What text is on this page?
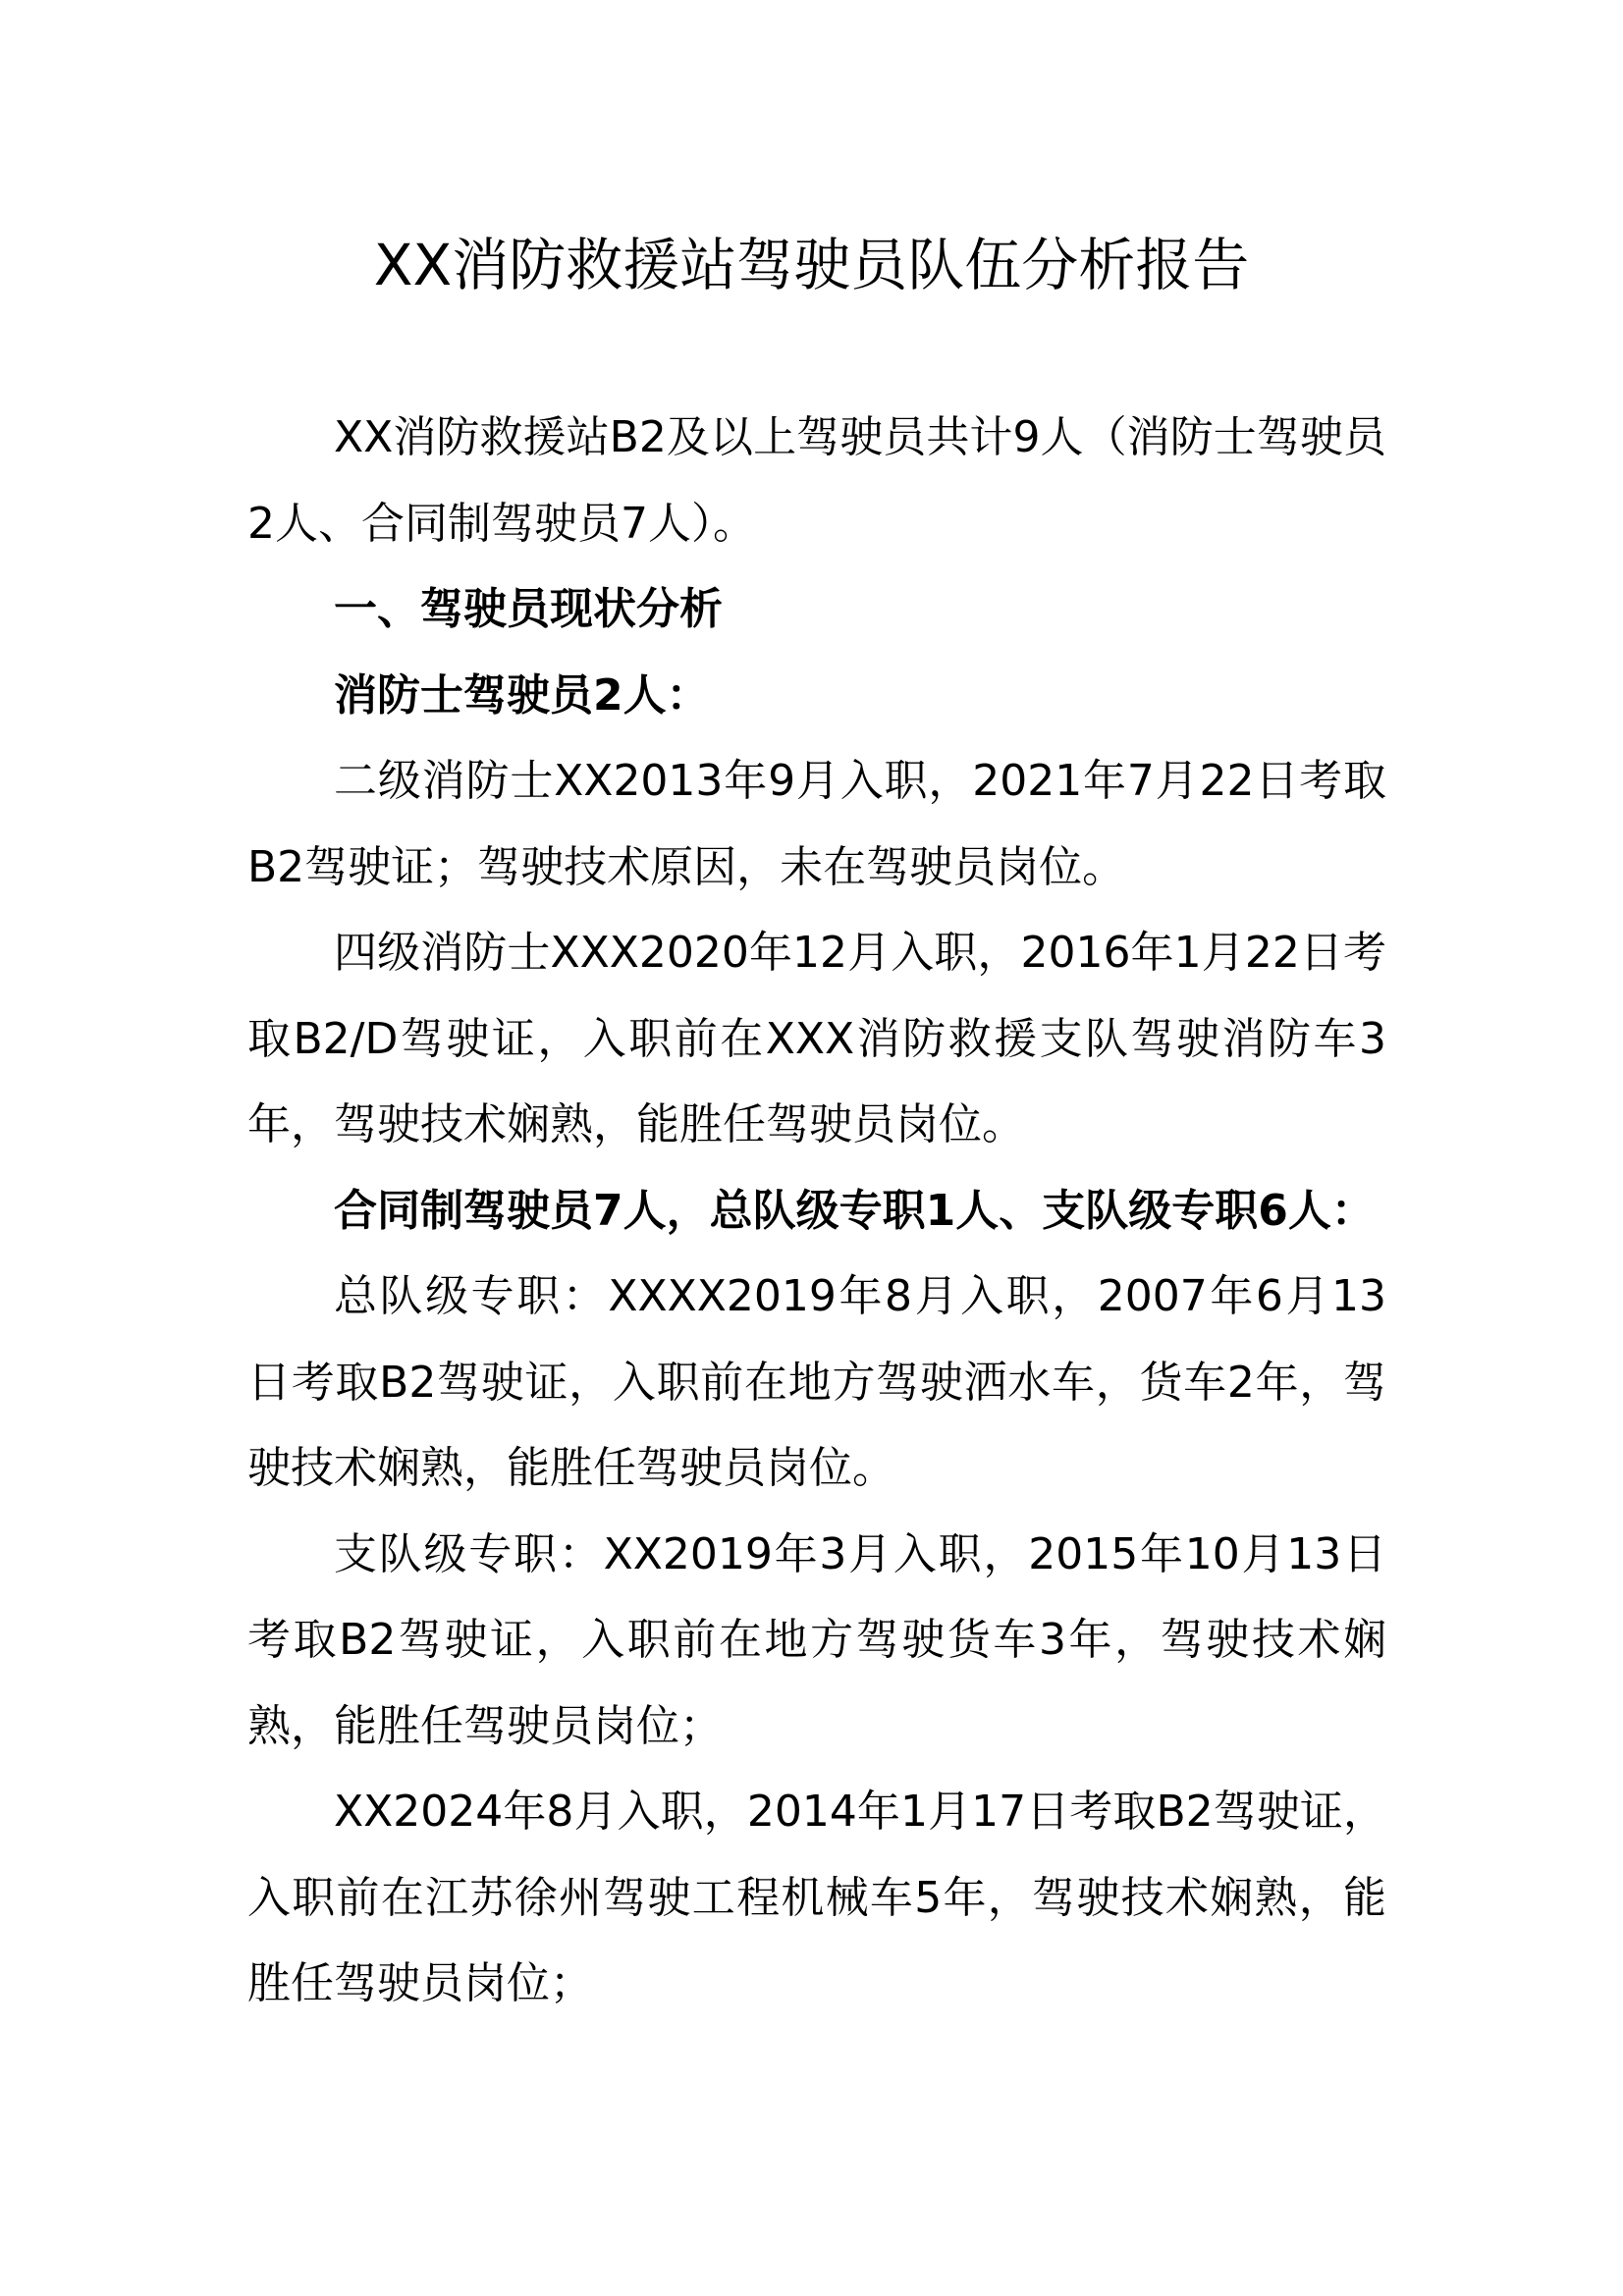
XX消防救援站驾驶员队伍分析报告

XX消防救援站B2及以上驾驶员共计9人（消防士驾驶员2人、合同制驾驶员7人）。

一、驾驶员现状分析

消防士驾驶员2人：

二级消防士XX2013年9月入职，2021年7月22日考取B2驾驶证；驾驶技术原因，未在驾驶员岗位。

四级消防士XXX2020年12月入职，2016年1月22日考取B2/D驾驶证，入职前在XXX消防救援支队驾驶消防车3年，驾驶技术娴熟，能胜任驾驶员岗位。

合同制驾驶员7人，总队级专职1人、支队级专职6人：

总队级专职：XXXX2019年8月入职，2007年6月13日考取B2驾驶证，入职前在地方驾驶洒水车，货车2年，驾驶技术娴熟，能胜任驾驶员岗位。

支队级专职：XX2019年3月入职，2015年10月13日考取B2驾驶证，入职前在地方驾驶货车3年，驾驶技术娴熟，能胜任驾驶员岗位；

XX2024年8月入职，2014年1月17日考取B2驾驶证，入职前在江苏徐州驾驶工程机械车5年，驾驶技术娴熟，能胜任驾驶员岗位；
